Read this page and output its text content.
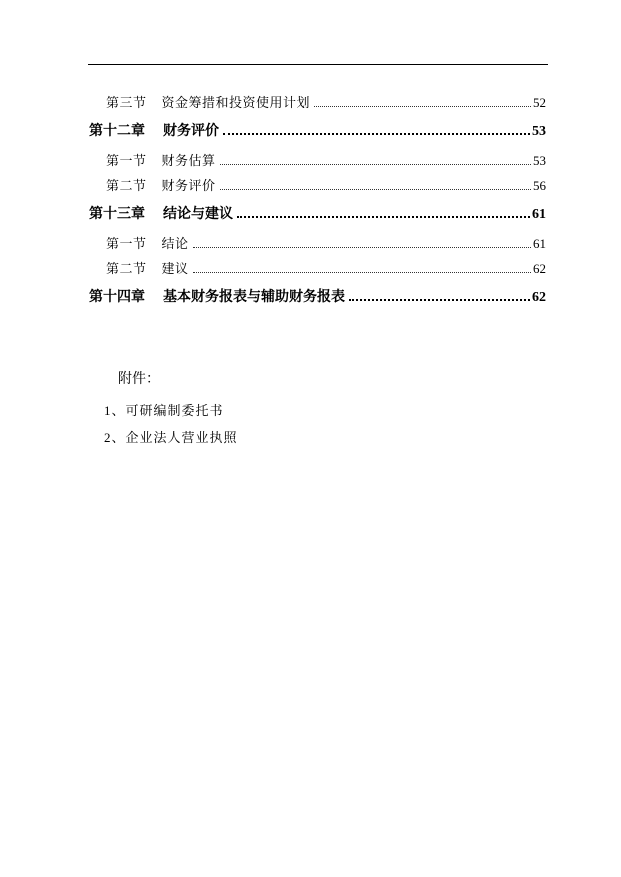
第三节 资金筹措和投资使用计划	52
第十二章 财务评价	53
第一节 财务估算	53
第二节 财务评价	56
第十三章 结论与建议	61
第一节 结论	61
第二节 建议	62
第十四章 基本财务报表与辅助财务报表	62
附件：
1、可研编制委托书
2、企业法人营业执照
